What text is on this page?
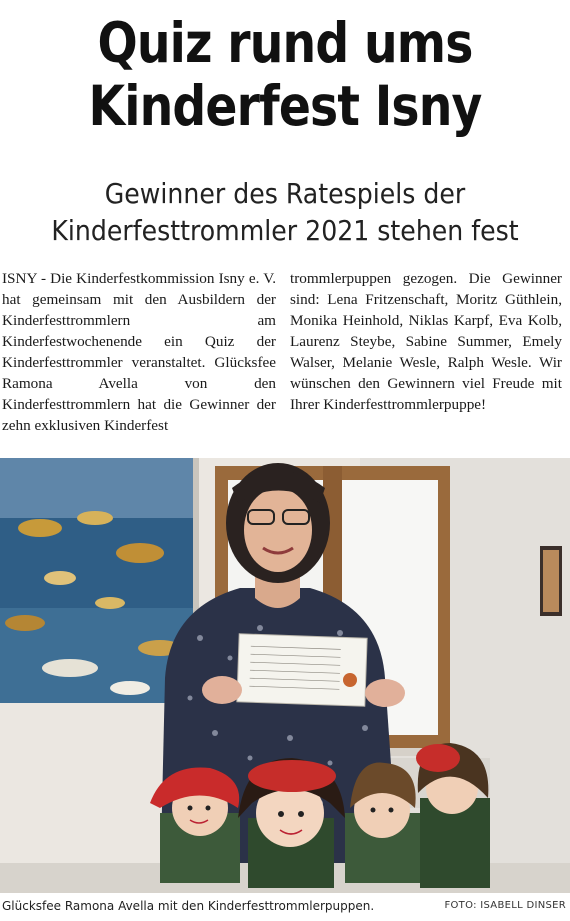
Quiz rund ums
Kinderfest Isny
Gewinner des Ratespiels der
Kinderfesttrommler 2021 stehen fest

ISNY - Die Kinderfestkommission Isny e. V. hat gemeinsam mit den Ausbildern der Kinderfesttrommlern am Kinderfestwochenende ein Quiz der Kinderfesttrommler veranstaltet. Glücksfee Ramona Avella von den Kinderfesttrommlern hat die Gewinner der zehn exklusiven Kinderfest

trommlerpuppen gezogen. Die Gewinner sind: Lena Fritzenschaft, Moritz Güthlein, Monika Heinhold, Niklas Karpf, Eva Kolb, Laurenz Steybe, Sabine Summer, Emely Walser, Melanie Wesle, Ralph Wesle. Wir wünschen den Gewinnern viel Freude mit Ihrer Kinderfesttrommlerpuppe!

Glücksfee Ramona Avella mit den Kinderfesttrommlerpuppen.	FOTO: ISABELL DINSER
